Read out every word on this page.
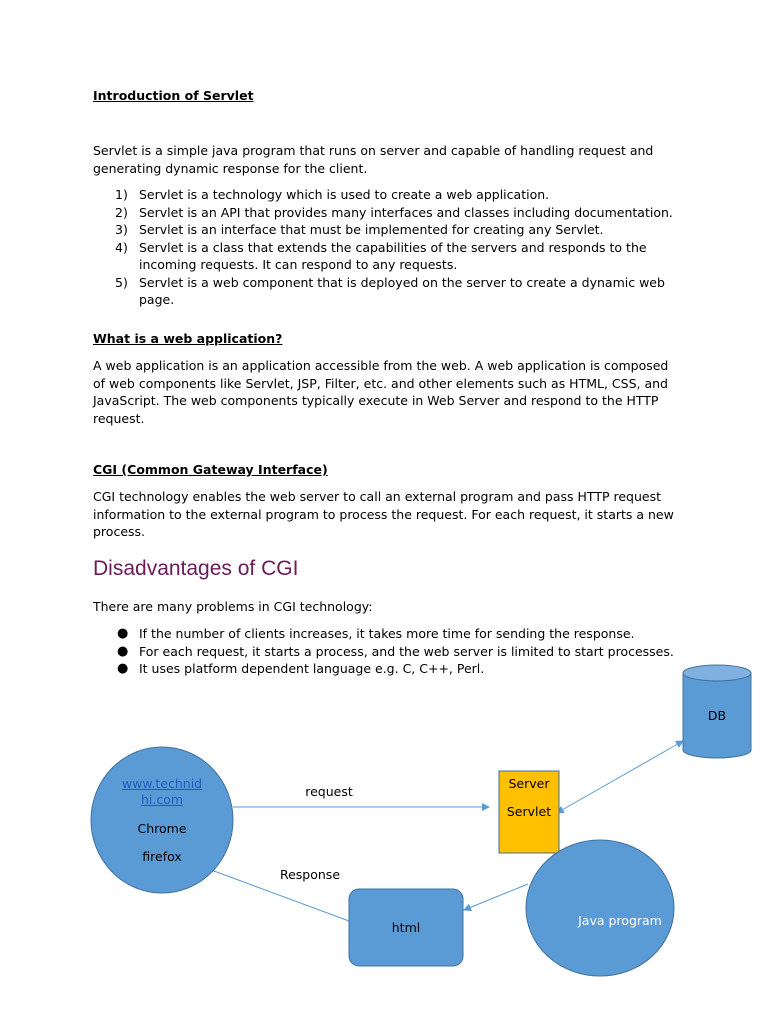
Introduction of Servlet

Servlet is a simple java program that runs on server and capable of handling request and generating dynamic response for the client.

1) Servlet is a technology which is used to create a web application.
2) Servlet is an API that provides many interfaces and classes including documentation.
3) Servlet is an interface that must be implemented for creating any Servlet.
4) Servlet is a class that extends the capabilities of the servers and responds to the incoming requests. It can respond to any requests.
5) Servlet is a web component that is deployed on the server to create a dynamic web page.

What is a web application?

A web application is an application accessible from the web. A web application is composed of web components like Servlet, JSP, Filter, etc. and other elements such as HTML, CSS, and JavaScript. The web components typically execute in Web Server and respond to the HTTP request.

CGI (Common Gateway Interface)

CGI technology enables the web server to call an external program and pass HTTP request information to the external program to process the request. For each request, it starts a new process.

Disadvantages of CGI

There are many problems in CGI technology:

● If the number of clients increases, it takes more time for sending the response.
● For each request, it starts a process, and the web server is limited to start processes.
● It uses platform dependent language e.g. C, C++, Perl.
DB
www.technid
hi.com
Chrome
firefox
request
Server
Servlet
Response
html	Java program
